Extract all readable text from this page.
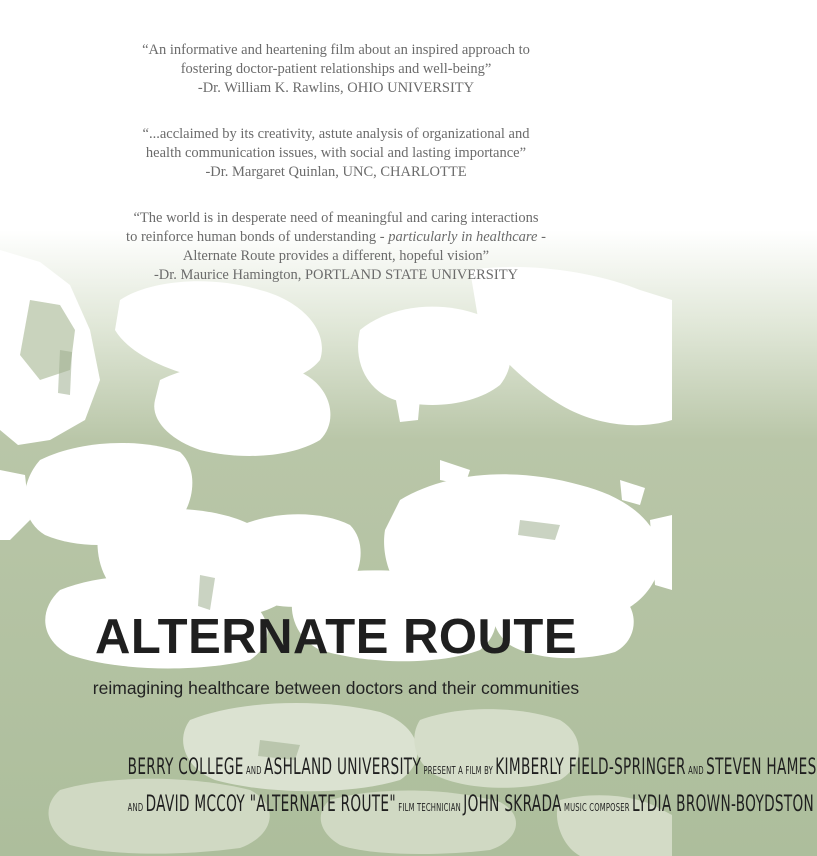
“An informative and heartening film about an inspired approach to
fostering doctor-patient relationships and well-being”
-Dr. William K. Rawlins, OHIO UNIVERSITY
“...acclaimed by its creativity, astute analysis of organizational and
health communication issues, with social and lasting importance”
-Dr. Margaret Quinlan, UNC, CHARLOTTE
“The world is in desperate need of meaningful and caring interactions
to reinforce human bonds of understanding - particularly in healthcare -
Alternate Route provides a different, hopeful vision”
-Dr. Maurice Hamington, PORTLAND STATE UNIVERSITY
ALTERNATE ROUTE
reimagining healthcare between doctors and their communities
BERRY COLLEGE AND ASHLAND UNIVERSITY PRESENT A FILM BY KIMBERLY FIELD-SPRINGER AND STEVEN HAMES
AND DAVID MCCOY "ALTERNATE ROUTE" FILM TECHNICIAN JOHN SKRADA MUSIC COMPOSER LYDIA BROWN-BOYDSTON
